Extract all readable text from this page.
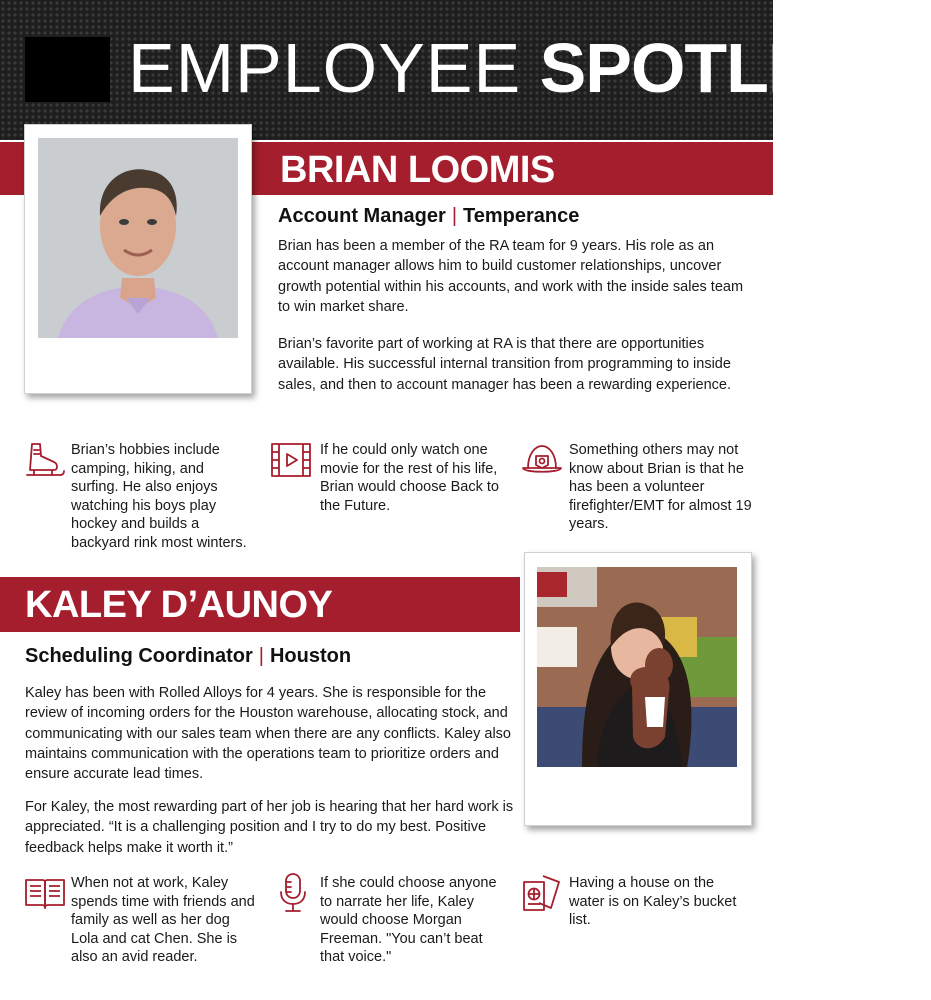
EMPLOYEE SPOTLIGHT
BRIAN LOOMIS
Account Manager | Temperance

Brian has been a member of the RA team for 9 years. His role as an account manager allows him to build customer relationships, uncover growth potential within his accounts, and work with the inside sales team to win market share.

Brian’s favorite part of working at RA is that there are opportunities available. His successful internal transition from programming to inside sales, and then to account manager has been a rewarding experience.

Brian’s hobbies include camping, hiking, and surfing. He also enjoys watching his boys play hockey and builds a backyard rink most winters.

If he could only watch one movie for the rest of his life, Brian would choose Back to the Future.

Something others may not know about Brian is that he has been a volunteer firefighter/EMT for almost 19 years.

KALEY D’AUNOY
Scheduling Coordinator | Houston

Kaley has been with Rolled Alloys for 4 years. She is responsible for the review of incoming orders for the Houston warehouse, allocating stock, and communicating with our sales team when there are any conflicts. Kaley also maintains communication with the operations team to prioritize orders and ensure accurate lead times.

For Kaley, the most rewarding part of her job is hearing that her hard work is appreciated. “It is a challenging position and I try to do my best. Positive feedback helps make it worth it.”

When not at work, Kaley spends time with friends and family as well as her dog Lola and cat Chen. She is also an avid reader.

If she could choose anyone to narrate her life, Kaley would choose Morgan Freeman. "You can’t beat that voice."

Having a house on the water is on Kaley’s bucket list.
